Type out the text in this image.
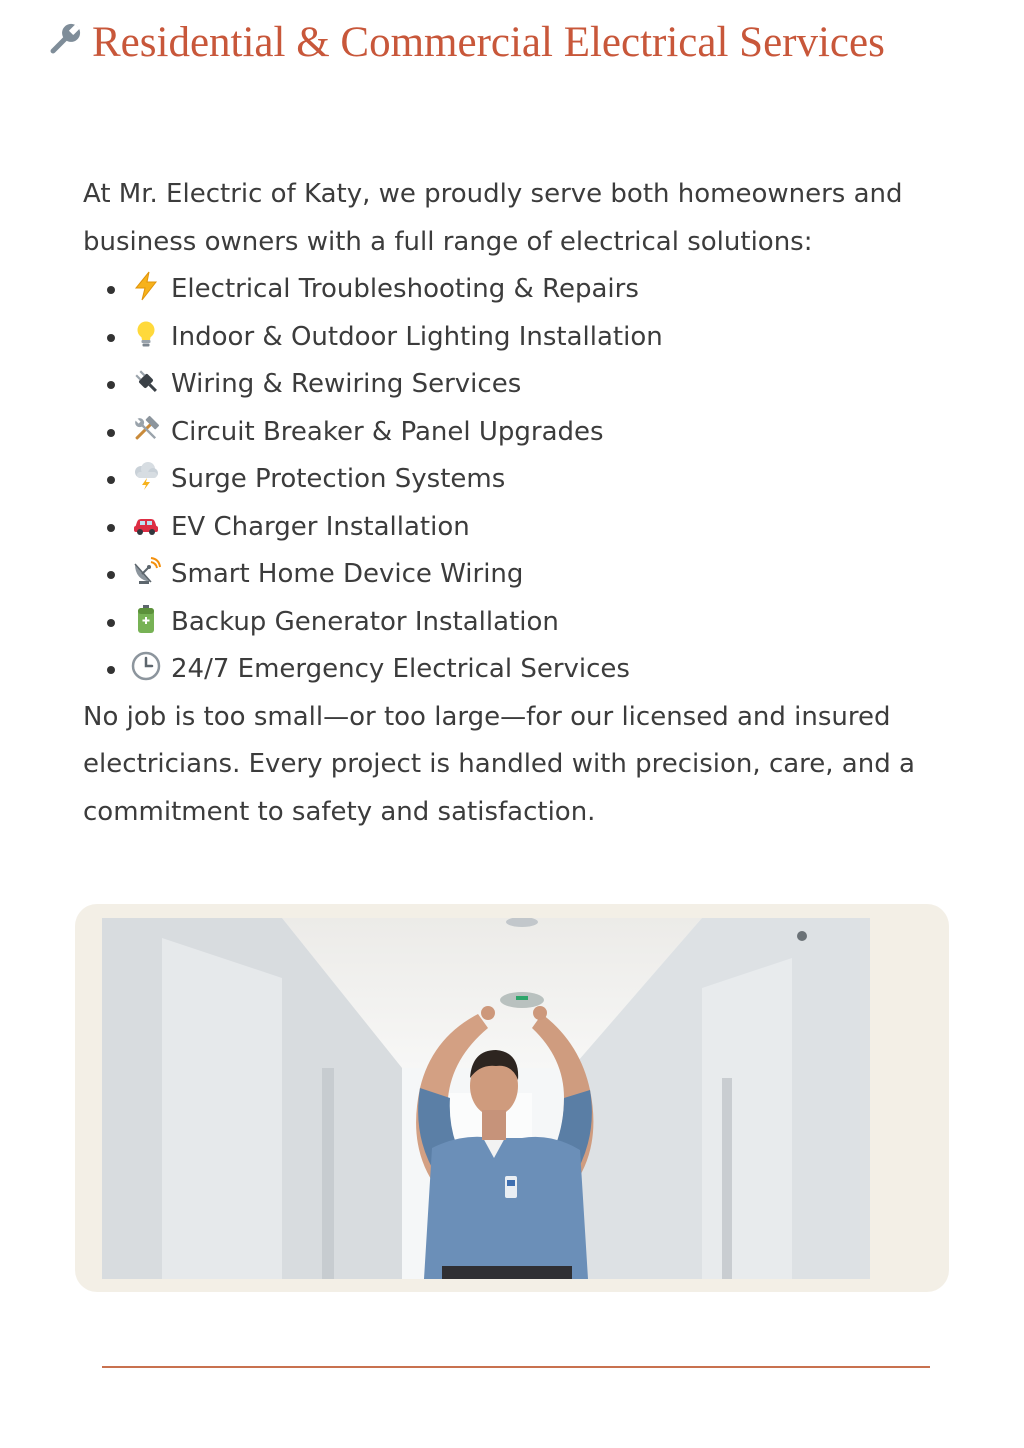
Residential & Commercial Electrical Services

At Mr. Electric of Katy, we proudly serve both homeowners and business owners with a full range of electrical solutions:

Electrical Troubleshooting & Repairs
Indoor & Outdoor Lighting Installation
Wiring & Rewiring Services
Circuit Breaker & Panel Upgrades
Surge Protection Systems
EV Charger Installation
Smart Home Device Wiring
Backup Generator Installation
24/7 Emergency Electrical Services

No job is too small—or too large—for our licensed and insured electricians. Every project is handled with precision, care, and a commitment to safety and satisfaction.
